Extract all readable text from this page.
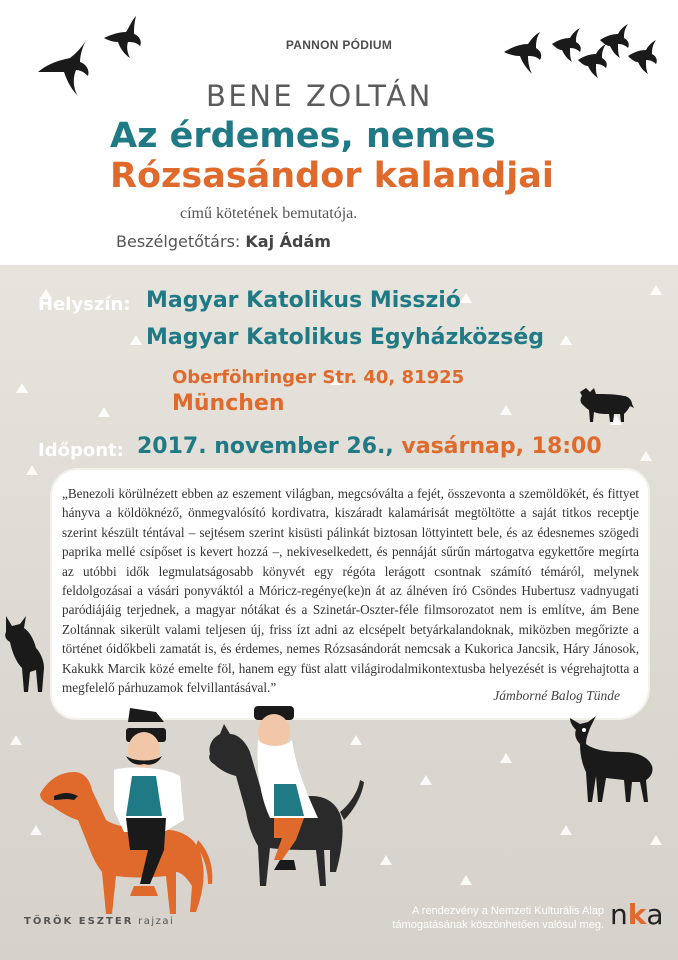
PANNON PÓDIUM
BENE ZOLTÁN
Az érdemes, nemes
Rózsasándor kalandjai
című kötetének bemutatója.
Beszélgetőtárs: Kaj Ádám
Helyszín: Magyar Katolikus Misszió
Magyar Katolikus Egyházközség
Oberföhringer Str. 40, 81925
München
Időpont: 2017. november 26., vasárnap, 18:00
„Benezoli körülnézett ebben az eszement világban, megcsóválta a fejét, összevonta a szemöldökét, és fittyet hányva a köldöknéző, önmegvalósító kordivatra, kiszáradt kalamárisát megtöltötte a saját titkos receptje szerint készült téntával – sejtésem szerint kisüsti pálinkát biztosan löttyintett bele, és az édesnemes szögedi paprika mellé csípőset is kevert hozzá –, nekiveselkedett, és pennáját sűrűn mártogatva egykettőre megírta az utóbbi idők legmulatságosabb könyvét egy régóta lerágott csontnak számító témáról, melynek feldolgozásai a vásári ponyváktól a Móricz-regénye(ke)n át az álnéven író Csöndes Hubertusz vadnyugati paródiájáig terjednek, a magyar nótákat és a Szinetár-Oszter-féle filmsorozatot nem is említve, ám Bene Zoltánnak sikerült valami teljesen új, friss ízt adni az elcsépelt betyárkalandoknak, miközben megőrizte a történet óidőkbeli zamatát is, és érdemes, nemes Rózsasándorát nemcsak a Kukorica Jancsik, Háry Jánosok, Kakukk Marcik közé emelte föl, hanem egy füst alatt világirodalmikontextusba helyezését is végrehajtotta a megfelelő párhuzamok felvillantásával.”
Jámborné Balog Tünde
TÖRÖK ESZTER rajzai
A rendezvény a Nemzeti Kulturális Alap
támogatásának köszönhetően valósul meg. nka
